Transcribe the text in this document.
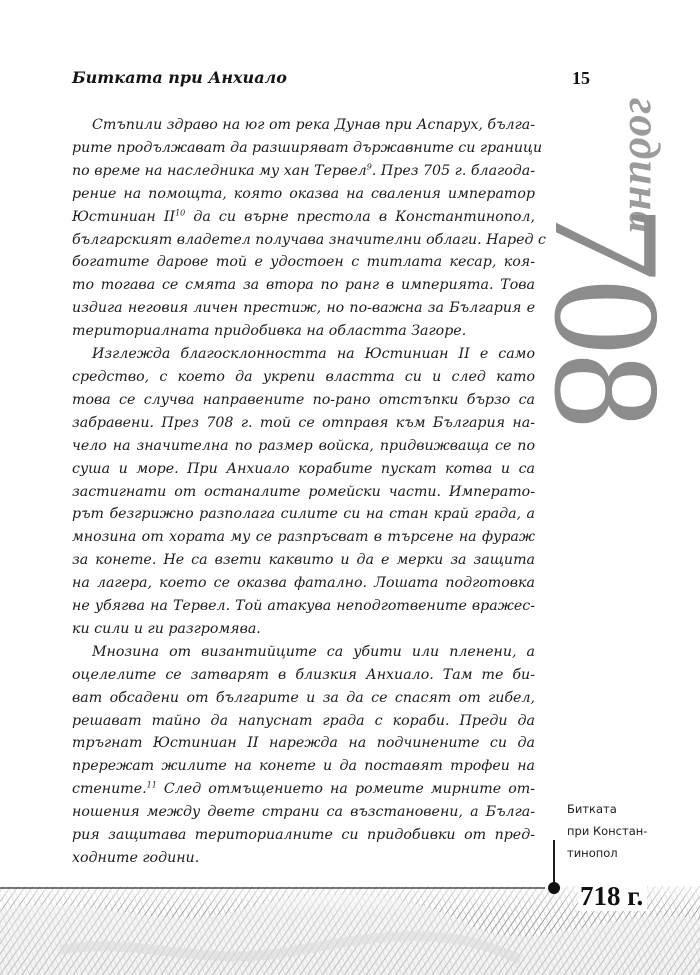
Битката при Анхиало	15
година
708
Стъпили здраво на юг от река Дунав при Аспарух, бълга-
рите продължават да разширяват държавните си граници
по време на наследника му хан Тервел$^9$. През 705 г. благода-
рение на помощта, която оказва на сваления император
Юстиниан II$^{10}$ да си върне престола в Константинопол,
българският владетел получава значителни облаги. Наред с
богатите дарове той е удостоен с титлата кесар, коя-
то тогава се смята за втора по ранг в империята. Това
издига неговия личен престиж, но по-важна за България е
териториалната придобивка на областта Загоре.
Изглежда благосклонността на Юстиниан II е само
средство, с което да укрепи властта си и след като
това се случва направените по-рано отстъпки бързо са
забравени. През 708 г. той се отправя към България на-
чело на значителна по размер войска, придвижваща се по
суша и море. При Анхиало корабите пускат котва и са
застигнати от останалите ромейски части. Императо-
рът безгрижно разполага силите си на стан край града, а
мнозина от хората му се разпръсват в търсене на фураж
за конете. Не са взети каквито и да е мерки за защита
на лагера, което се оказва фатално. Лошата подготовка
не убягва на Тервел. Той атакува неподготвените вражес-
ки сили и ги разгромява.
Мнозина от византийците са убити или пленени, а
оцелелите се затварят в близкия Анхиало. Там те би-
ват обсадени от българите и за да се спасят от гибел,
решават тайно да напуснат града с кораби. Преди да
тръгнат Юстиниан II нарежда на подчинените си да
прережат жилите на конете и да поставят трофеи на
стените.$^{11}$ След отмъщението на ромеите мирните от-
ношения между двете страни са възстановени, а Бълга-
рия защитава териториалните си придобивки от пред-
ходните години.
Битката
при Констан-
тинопол
718 г.
